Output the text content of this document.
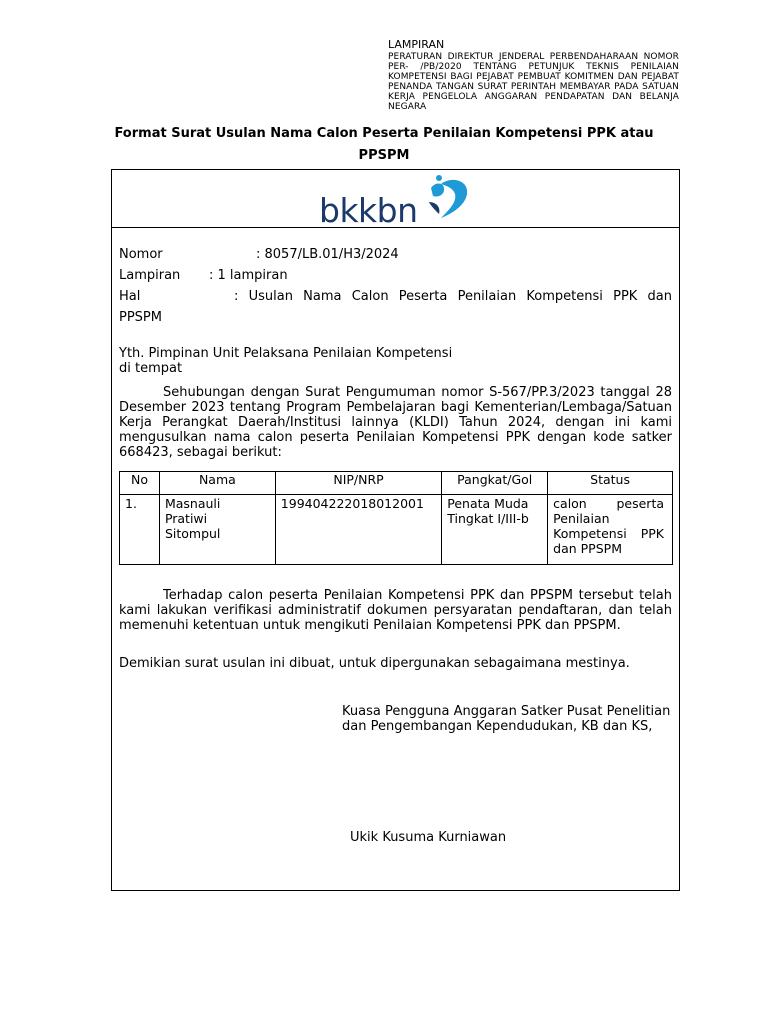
LAMPIRAN
PERATURAN DIREKTUR JENDERAL PERBENDAHARAAN NOMOR PER- /PB/2020 TENTANG PETUNJUK TEKNIS PENILAIAN KOMPETENSI BAGI PEJABAT PEMBUAT KOMITMEN DAN PEJABAT PENANDA TANGAN SURAT PERINTAH MEMBAYAR PADA SATUAN KERJA PENGELOLA ANGGARAN PENDAPATAN DAN BELANJA NEGARA
Format Surat Usulan Nama Calon Peserta Penilaian Kompetensi PPK atau PPSPM
bkkbn
Nomor	: 8057/LB.01/H3/2024
Lampiran : 1 lampiran
Hal	: Usulan Nama Calon Peserta Penilaian Kompetensi PPK dan
PPSPM
Yth. Pimpinan Unit Pelaksana Penilaian Kompetensi
di tempat
Sehubungan dengan Surat Pengumuman nomor S-567/PP.3/2023 tanggal 28 Desember 2023 tentang Program Pembelajaran bagi Kementerian/Lembaga/Satuan Kerja Perangkat Daerah/Institusi lainnya (KLDI) Tahun 2024, dengan ini kami mengusulkan nama calon peserta Penilaian Kompetensi PPK dengan kode satker 668423, sebagai berikut:
No	Nama	NIP/NRP	Pangkat/Gol	Status
1.	Masnauli Pratiwi Sitompul	199404222018012001	Penata Muda Tingkat I/III-b	calon peserta Penilaian Kompetensi PPK dan PPSPM
Terhadap calon peserta Penilaian Kompetensi PPK dan PPSPM tersebut telah kami lakukan verifikasi administratif dokumen persyaratan pendaftaran, dan telah memenuhi ketentuan untuk mengikuti Penilaian Kompetensi PPK dan PPSPM.
Demikian surat usulan ini dibuat, untuk dipergunakan sebagaimana mestinya.
Kuasa Pengguna Anggaran Satker Pusat Penelitian dan Pengembangan Kependudukan, KB dan KS,
Ukik Kusuma Kurniawan
